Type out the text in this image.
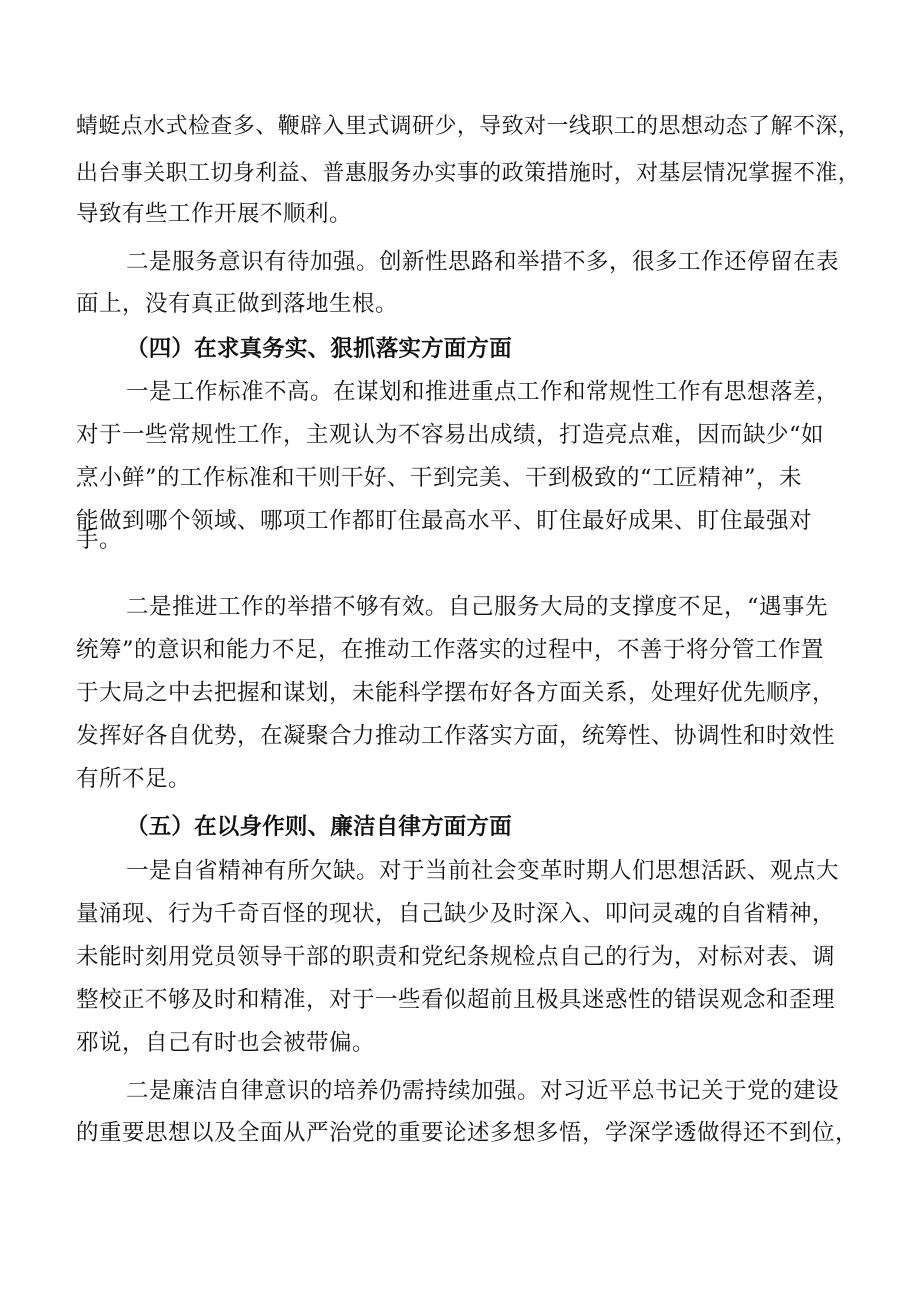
蜻蜓点水式检查多、鞭辟入里式调研少，导致对一线职工的思想动态了解不深，
出台事关职工切身利益、普惠服务办实事的政策措施时，对基层情况掌握不准，
导致有些工作开展不顺利。
二是服务意识有待加强。创新性思路和举措不多，很多工作还停留在表
面上，没有真正做到落地生根。
（四）在求真务实、狠抓落实方面方面
一是工作标准不高。在谋划和推进重点工作和常规性工作有思想落差，
对于一些常规性工作，主观认为不容易出成绩，打造亮点难，因而缺少“如
烹小鲜”的工作标准和干则干好、干到完美、干到极致的“工匠精神”，未
能做到哪个领域、哪项工作都盯住最高水平、盯住最好成果、盯住最强对
手。
二是推进工作的举措不够有效。自己服务大局的支撑度不足，“遇事先
统筹”的意识和能力不足，在推动工作落实的过程中，不善于将分管工作置
于大局之中去把握和谋划，未能科学摆布好各方面关系，处理好优先顺序，
发挥好各自优势，在凝聚合力推动工作落实方面，统筹性、协调性和时效性
有所不足。
（五）在以身作则、廉洁自律方面方面
一是自省精神有所欠缺。对于当前社会变革时期人们思想活跃、观点大
量涌现、行为千奇百怪的现状，自己缺少及时深入、叩问灵魂的自省精神，
未能时刻用党员领导干部的职责和党纪条规检点自己的行为，对标对表、调
整校正不够及时和精准，对于一些看似超前且极具迷惑性的错误观念和歪理
邪说，自己有时也会被带偏。
二是廉洁自律意识的培养仍需持续加强。对习近平总书记关于党的建设
的重要思想以及全面从严治党的重要论述多想多悟，学深学透做得还不到位，
